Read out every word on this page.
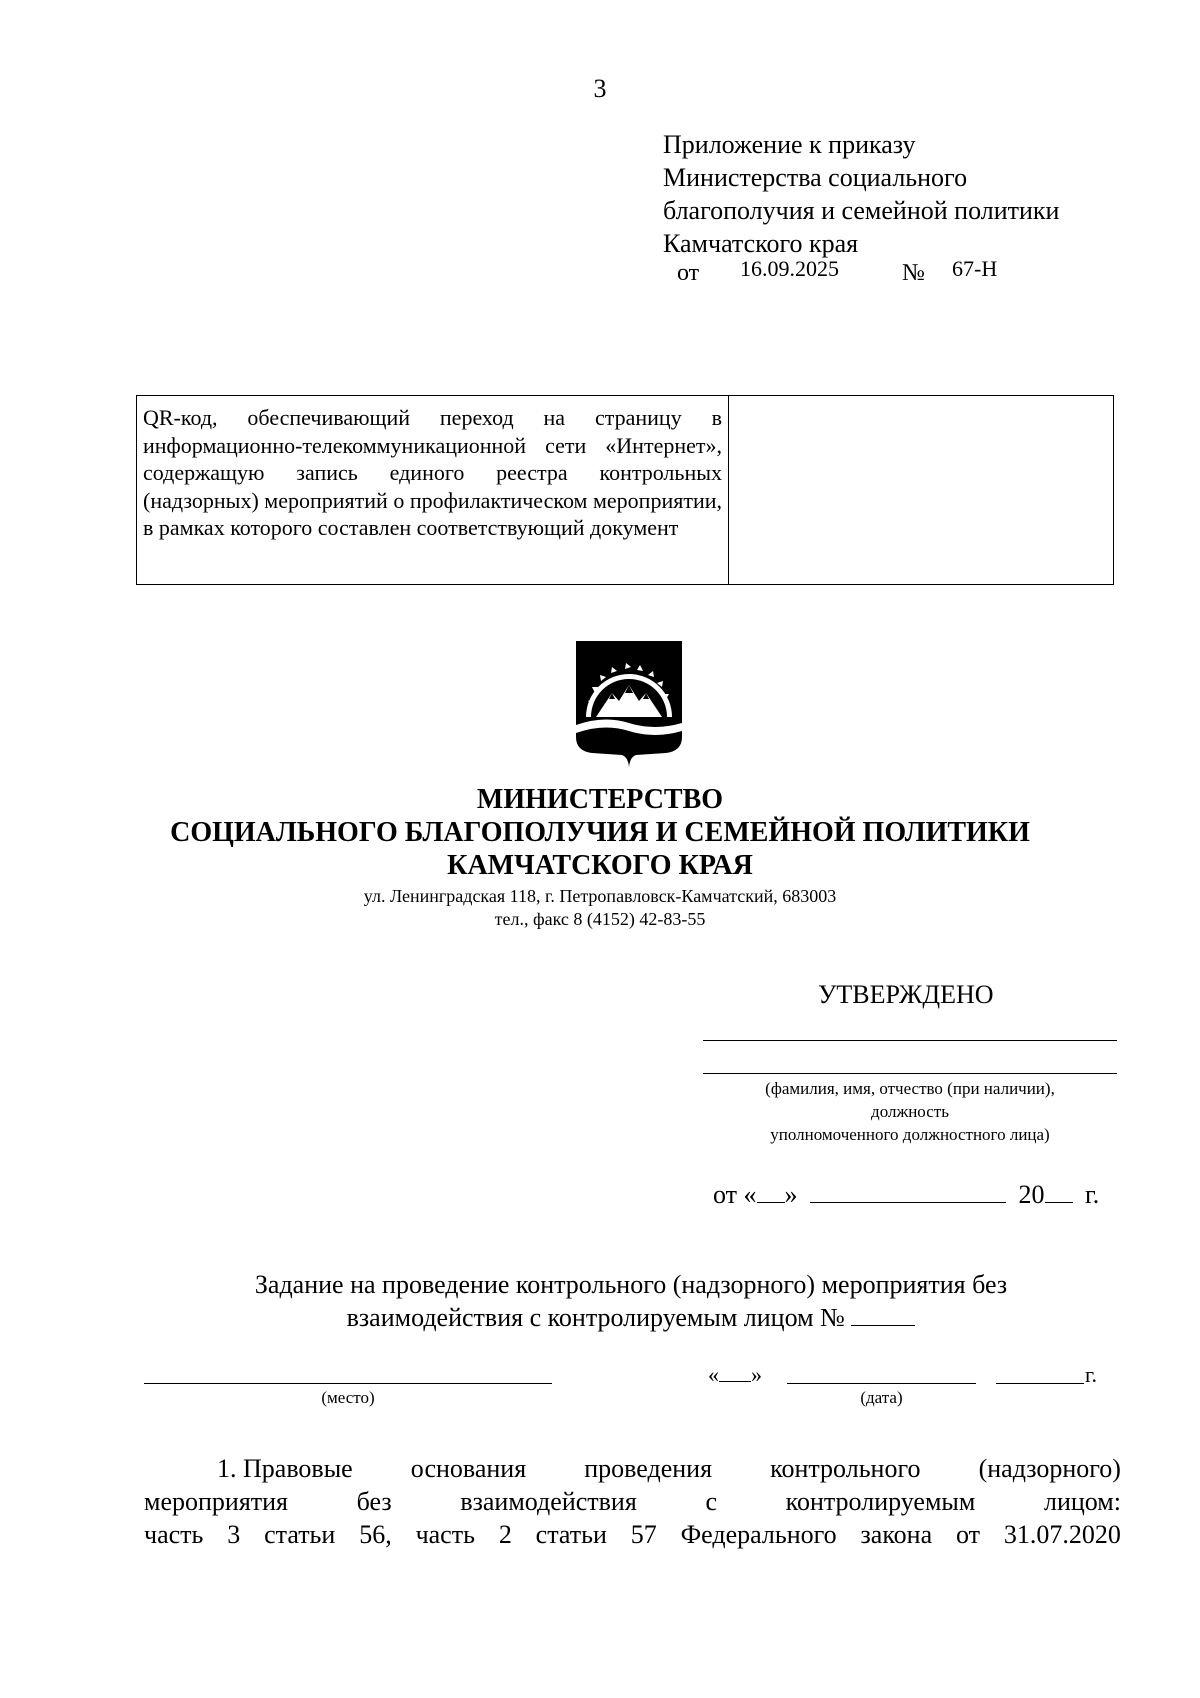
3
Приложение к приказу
Министерства социального
благополучия и семейной политики
Камчатского края
от 16.09.2025	№ 67-Н
QR-код, обеспечивающий переход на страницу в информационно-телекоммуникационной сети «Интернет», содержащую запись единого реестра контрольных (надзорных) мероприятий о профилактическом мероприятии, в рамках которого составлен соответствующий документ
МИНИСТЕРСТВО
СОЦИАЛЬНОГО БЛАГОПОЛУЧИЯ И СЕМЕЙНОЙ ПОЛИТИКИ
КАМЧАТСКОГО КРАЯ
ул. Ленинградская 118, г. Петропавловск-Камчатский, 683003
тел., факс 8 (4152) 42-83-55
УТВЕРЖДЕНО
(фамилия, имя, отчество (при наличии),
должность
уполномоченного должностного лица)
от « »	20 г.
Задание на проведение контрольного (надзорного) мероприятия без
взаимодействия с контролируемым лицом №
(место)
« »	г.
(дата)
1. Правовые основания проведения контрольного (надзорного)
мероприятия	без	взаимодействия	с	контролируемым	лицом:
часть 3 статьи 56, часть 2 статьи 57 Федерального закона от 31.07.2020
